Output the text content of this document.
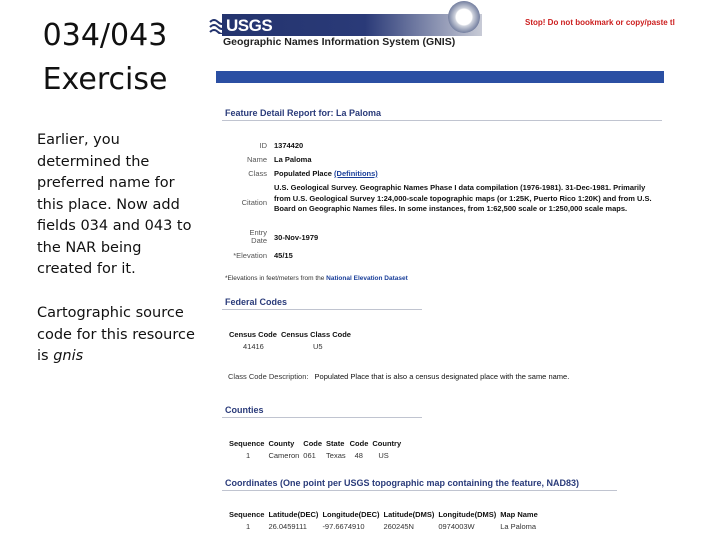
034/043 Exercise
Earlier, you determined the preferred name for this place. Now add fields 034 and 043 to the NAR being created for it.
Cartographic source code for this resource is gnis
USGS
Geographic Names Information System (GNIS)
Stop! Do not bookmark or copy/paste tl
Feature Detail Report for: La Paloma
ID 1374420
Name La Paloma
Class Populated Place (Definitions)
Citation
U.S. Geological Survey. Geographic Names Phase I data compilation (1976-1981). 31-Dec-1981. Primarily from U.S. Geological Survey 1:24,000-scale topographic maps (or 1:25K, Puerto Rico 1:20K) and from U.S. Board on Geographic Names files. In some instances, from 1:62,500 scale or 1:250,000 scale maps.
Entry
Date 30-Nov-1979
*Elevation 45/15
*Elevations in feet/meters from the National Elevation Dataset
Federal Codes
Census Code	Census Class Code
41416	U5
Class Code Description: Populated Place that is also a census designated place with the same name.
Counties
Sequence	County	Code	State	Code	Country
1	Cameron	061	Texas	48	US
Coordinates (One point per USGS topographic map containing the feature, NAD83)
Sequence	Latitude(DEC)	Longitude(DEC)	Latitude(DMS)	Longitude(DMS)	Map Name
1	26.0459111	-97.6674910	260245N	0974003W	La Paloma
